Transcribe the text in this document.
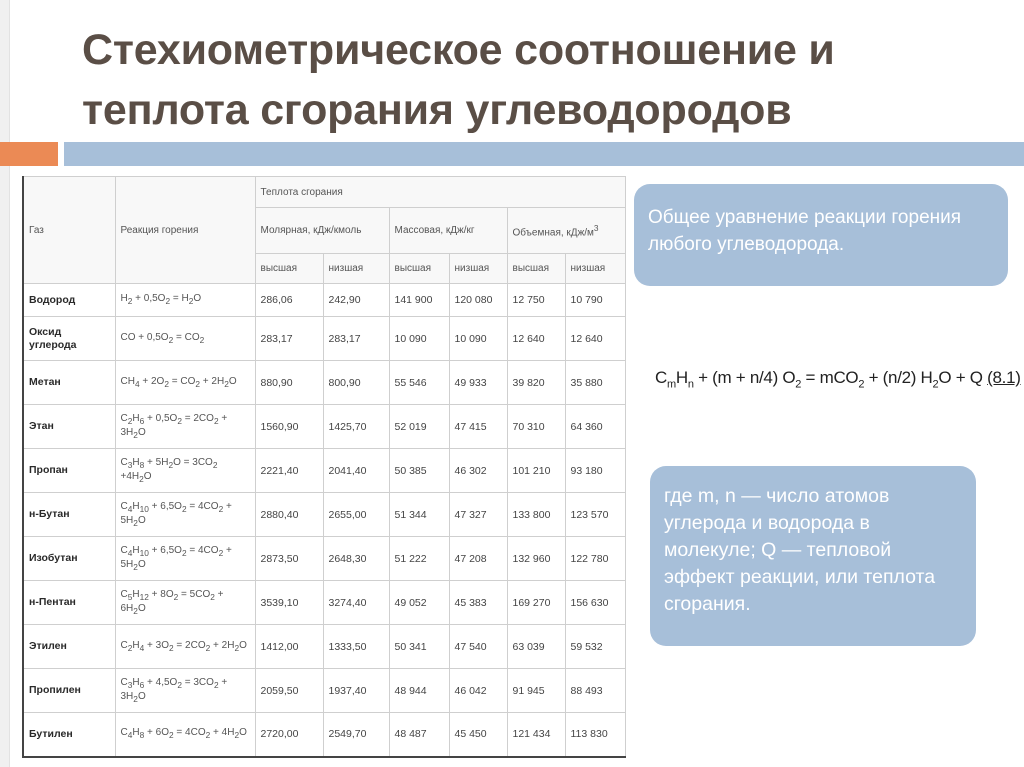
Стехиометрическое соотношение и
теплота сгорания углеводородов
Газ	Реакция горения	Теплота сгорания					
		Молярная, кДж/кмоль		Массовая, кДж/кг		Объемная, кДж/$м^3$
		высшая	низшая	высшая	низшая	высшая	низшая
Водород	$H_2 + 0,5O_2 = H_2O$	286,06	242,90	141 900	120 080	12 750	10 790
Оксид углерода	CO + $0,5O_2 = CO_2$	283,17	283,17	10 090	10 090	12 640	12 640
Метан	$CH_4 + 2O_2 = CO_2 + 2H_2O$	880,90	800,90	55 546	49 933	39 820	35 880
Этан	$C_2H_6 + 0,5O_2 = 2CO_2 + 3H_2O$	1560,90	1425,70	52 019	47 415	70 310	64 360
Пропан	$C_3H_8 + 5H_2O = 3CO_2 +4H_2O$	2221,40	2041,40	50 385	46 302	101 210	93 180
н-Бутан	$C_4H_{10} + 6,5O_2 = 4CO_2 + 5H_2O$	2880,40	2655,00	51 344	47 327	133 800	123 570
Изобутан	$C_4H_{10} + 6,5O_2 = 4CO_2 + 5H_2O$	2873,50	2648,30	51 222	47 208	132 960	122 780
н-Пентан	$C_5H_{12} + 8O_2 = 5CO_2 + 6H_2O$	3539,10	3274,40	49 052	45 383	169 270	156 630
Этилен	$C_2H_4 + 3O_2 = 2CO_2 + 2H_2O$	1412,00	1333,50	50 341	47 540	63 039	59 532
Пропилен	$C_3H_6 + 4,5O_2 = 3CO_2 + 3H_2O$	2059,50	1937,40	48 944	46 042	91 945	88 493
Бутилен	$C_4H_8 + 6O_2 = 4CO_2 + 4H_2O$	2720,00	2549,70	48 487	45 450	121 434	113 830
Общее уравнение реакции горения любого углеводорода.
$C_mH_n + (m + n/4) O_2 = mCO_2 + (n/2) H_2O + Q$ (8.1)
где m, n — число атомов углерода и водорода в молекуле; Q — тепловой эффект реакции, или теплота сгорания.
